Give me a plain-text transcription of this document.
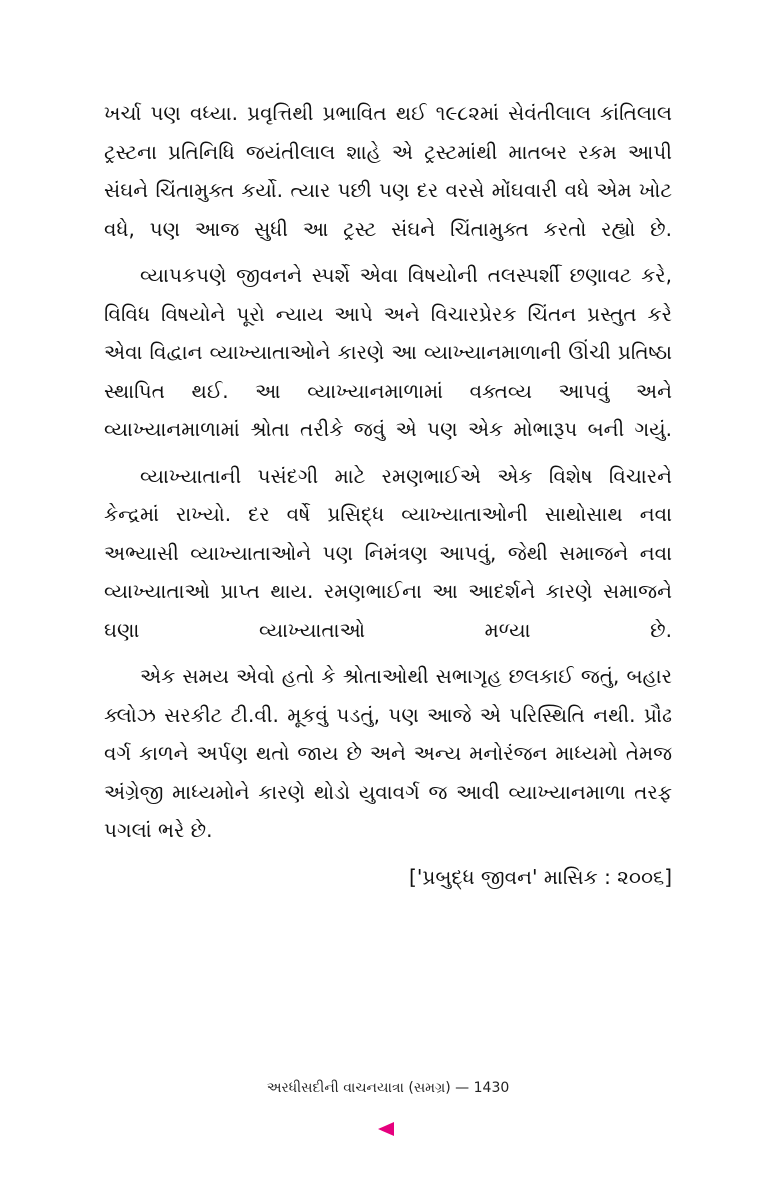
ખર્ચા પણ વધ્યા. પ્રવૃત્તિથી પ્રભાવિત થઈ ૧૯૮૨માં સેવંતીલાલ કાંતિલાલ ટ્રસ્ટના પ્રતિનિધિ જયંતીલાલ શાહે એ ટ્રસ્ટમાંથી માતબર રકમ આપી સંઘને ચિંતામુક્ત કર્યો. ત્યાર પછી પણ દર વરસે મોંઘવારી વધે એમ ખોટ વધે, પણ આજ સુધી આ ટ્રસ્ટ સંઘને ચિંતામુક્ત કરતો રહ્યો છે.

વ્યાપકપણે જીવનને સ્પર્શે એવા વિષયોની તલસ્પર્શી છણાવટ કરે, વિવિધ વિષયોને પૂરો ન્યાય આપે અને વિચારપ્રેરક ચિંતન પ્રસ્તુત કરે એવા વિદ્વાન વ્યાખ્યાતાઓને કારણે આ વ્યાખ્યાનમાળાની ઊંચી પ્રતિષ્ઠા સ્થાપિત થઈ. આ વ્યાખ્યાનમાળામાં વક્તવ્ય આપવું અને વ્યાખ્યાનમાળામાં શ્રોતા તરીકે જવું એ પણ એક મોભારૂપ બની ગયું.

વ્યાખ્યાતાની પસંદગી માટે રમણભાઈએ એક વિશેષ વિચારને કેન્દ્રમાં રાખ્યો. દર વર્ષે પ્રસિદ્ધ વ્યાખ્યાતાઓની સાથોસાથ નવા અભ્યાસી વ્યાખ્યાતાઓને પણ નિમંત્રણ આપવું, જેથી સમાજને નવા વ્યાખ્યાતાઓ પ્રાપ્ત થાય. રમણભાઈના આ આદર્શને કારણે સમાજને ઘણા વ્યાખ્યાતાઓ મળ્યા છે.

એક સમય એવો હતો કે શ્રોતાઓથી સભાગૃહ છલકાઈ જતું, બહાર ક્લોઝ સરકીટ ટી.વી. મૂકવું પડતું, પણ આજે એ પરિસ્થિતિ નથી. પ્રૌઢ વર્ગ કાળને અર્પણ થતો જાય છે અને અન્ય મનોરંજન માધ્યમો તેમજ અંગ્રેજી માધ્યમોને કારણે થોડો યુવાવર્ગ જ આવી વ્યાખ્યાનમાળા તરફ પગલાં ભરે છે.

['પ્રબુદ્ધ જીવન' માસિક : ૨૦૦૬]

અરધીસદીની વાચનયાત્રા (સમગ્ર) — 1430
